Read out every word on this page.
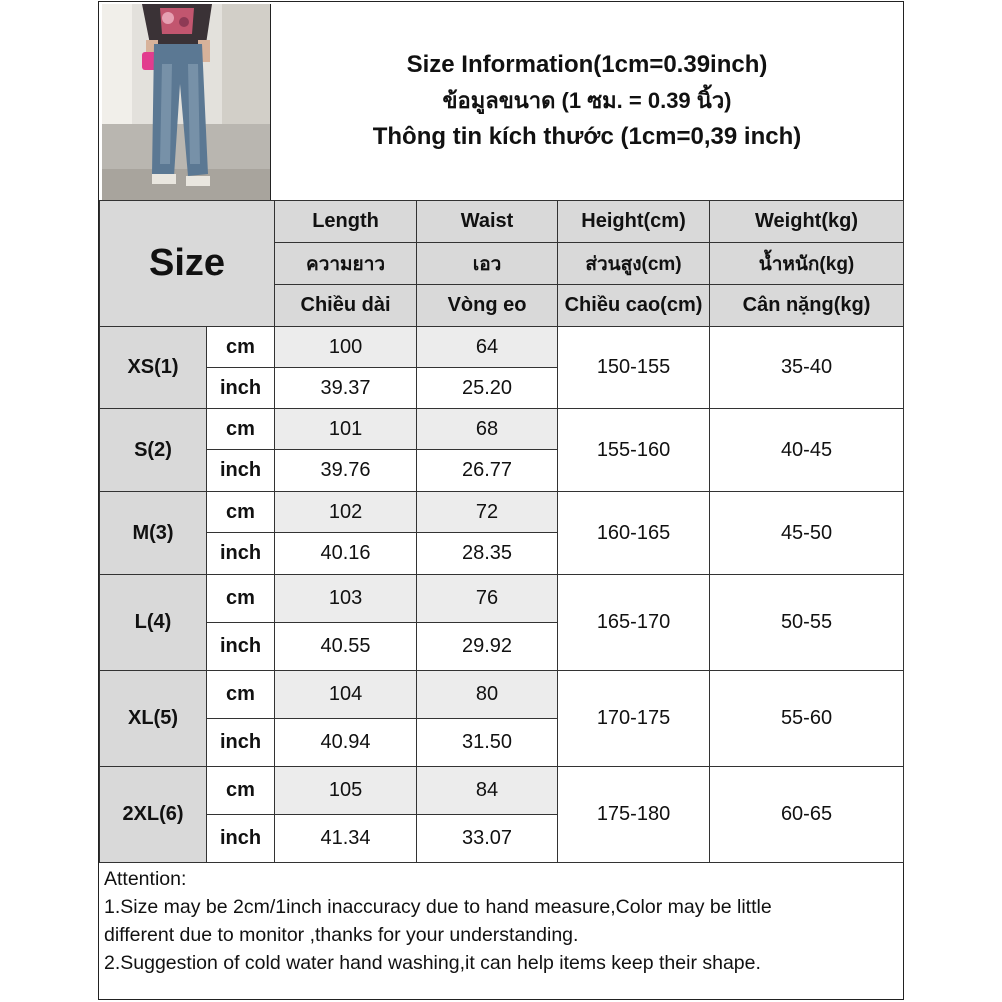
Size Information(1cm=0.39inch)
ข้อมูลขนาด (1 ซม. = 0.39 นิ้ว)
Thông tin kích thước (1cm=0,39 inch)
Size		Length	Waist	Height(cm)	Weight(kg)
		ความยาว	เอว	ส่วนสูง(cm)	น้ำหนัก(kg)
		Chiều dài	Vòng eo	Chiều cao(cm)	Cân nặng(kg)
XS(1)	cm	100	64	150-155	35-40
	inch	39.37	25.20		
S(2)	cm	101	68	155-160	40-45
	inch	39.76	26.77		
M(3)	cm	102	72	160-165	45-50
	inch	40.16	28.35		
L(4)	cm	103	76	165-170	50-55
	inch	40.55	29.92		
XL(5)	cm	104	80	170-175	55-60
	inch	40.94	31.50		
2XL(6)	cm	105	84	175-180	60-65
	inch	41.34	33.07		

Attention:

1.Size may be 2cm/1inch inaccuracy due to hand measure,Color may be little

different due to monitor ,thanks for your understanding.

2.Suggestion of cold water hand washing,it can help items keep their shape.
